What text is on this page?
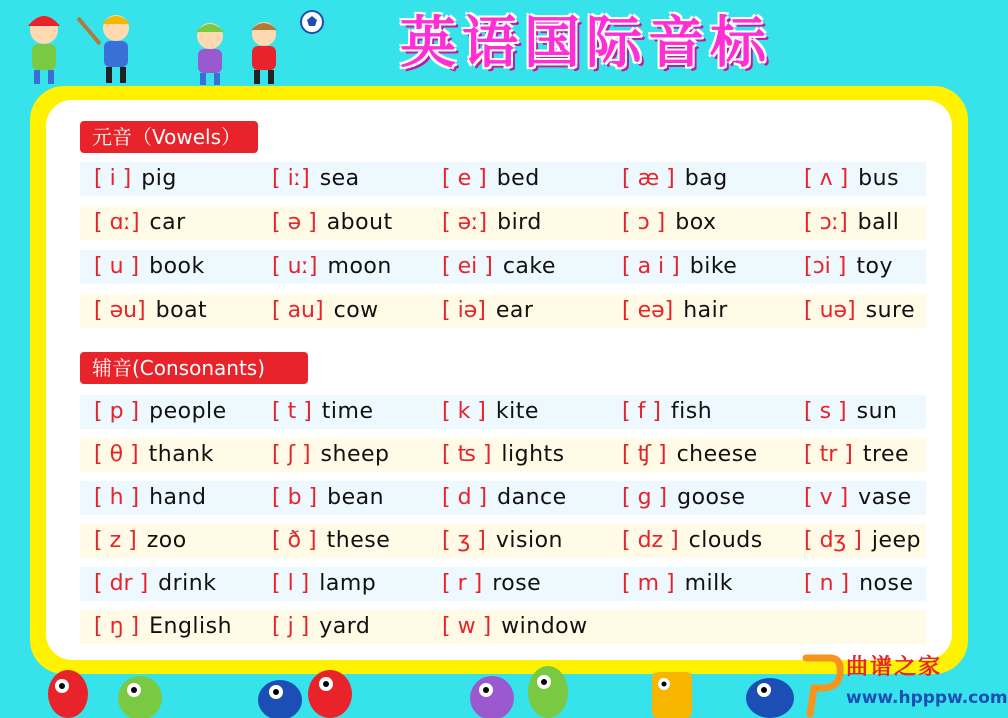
英语国际音标
元音（Vowels）
辅音(Consonants)
[ i ] pig	[ iː] sea	[ e ] bed	[ æ ] bag	[ ʌ ] bus
[ ɑː] car	[ ə ] about [ əː] bird	[ ɔ ] box	[ ɔː] ball
[ u ] book	[ uː] moon [ ei ] cake	[ a i ] bike	[ɔi ] toy
[ əu] boat	[ au] cow	[ iə] ear	[ eə] hair	[ uə] sure
[ p ] people [ t ] time	[ k ] kite	[ f ] fish	[ s ] sun
[ θ ] thank	[ ʃ ] sheep [ ʦ ] lights	[ ʧ ] cheese [ tr ] tree
[ h ] hand	[ b ] bean	[ d ] dance	[ g ] goose	[ v ] vase
[ z ] zoo	[ ð ] these [ ʒ ] vision	[ dz ] clouds [ dʒ ] jeep
[ dr ] drink	[ l ] lamp	[ r ] rose	[ m ] milk	[ n ] nose
[ ŋ ] English [ j ] yard	[ w ] window
曲谱之家
www.hpppw.com
